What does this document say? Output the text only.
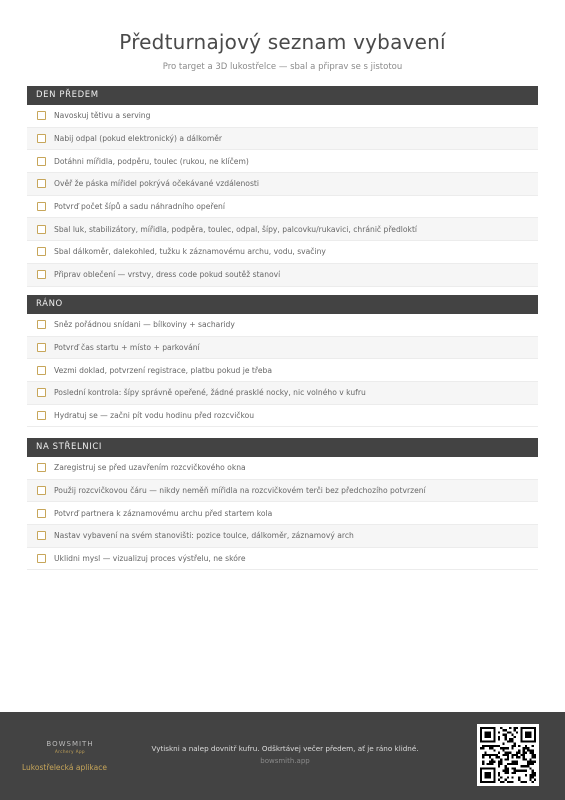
Předturnajový seznam vybavení
Pro target a 3D lukostřelce — sbal a připrav se s jistotou
DEN PŘEDEM
Navoskuj tětivu a serving
Nabij odpal (pokud elektronický) a dálkoměr
Dotáhni mířidla, podpěru, toulec (rukou, ne klíčem)
Ověř že páska mířidel pokrývá očekávané vzdálenosti
Potvrď počet šípů a sadu náhradního opeření
Sbal luk, stabilizátory, mířidla, podpěra, toulec, odpal, šípy, palcovku/rukavici, chránič předloktí
Sbal dálkoměr, dalekohled, tužku k záznamovému archu, vodu, svačiny
Připrav oblečení — vrstvy, dress code pokud soutěž stanoví
RÁNO
Sněz pořádnou snídani — bílkoviny + sacharidy
Potvrď čas startu + místo + parkování
Vezmi doklad, potvrzení registrace, platbu pokud je třeba
Poslední kontrola: šípy správně opeřené, žádné prasklé nocky, nic volného v kufru
Hydratuj se — začni pít vodu hodinu před rozcvičkou
NA STŘELNICI
Zaregistruj se před uzavřením rozcvičkového okna
Použij rozcvičkovou čáru — nikdy neměň mířidla na rozcvičkovém terči bez předchozího potvrzení
Potvrď partnera k záznamovému archu před startem kola
Nastav vybavení na svém stanovišti: pozice toulce, dálkoměr, záznamový arch
Uklidni mysl — vizualizuj proces výstřelu, ne skóre
BOWSMITH
Archery App
Lukostřelecká aplikace
Vytiskni a nalep dovnitř kufru. Odškrtávej večer předem, ať je ráno klidné.
bowsmith.app
